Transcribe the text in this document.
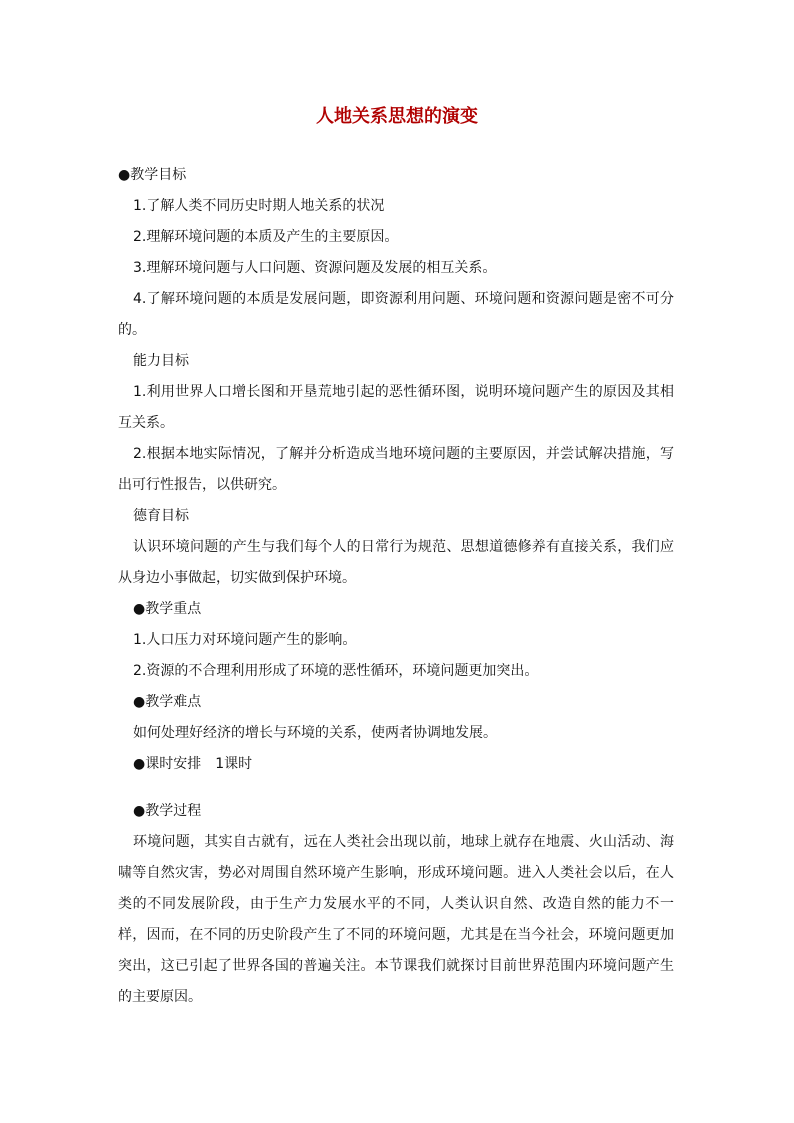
人地关系思想的演变
●教学目标
1.了解人类不同历史时期人地关系的状况
2.理解环境问题的本质及产生的主要原因。
3.理解环境问题与人口问题、资源问题及发展的相互关系。
4.了解环境问题的本质是发展问题，即资源利用问题、环境问题和资源问题是密不可分的。
能力目标
1.利用世界人口增长图和开垦荒地引起的恶性循环图，说明环境问题产生的原因及其相互关系。
2.根据本地实际情况，了解并分析造成当地环境问题的主要原因，并尝试解决措施，写出可行性报告，以供研究。
德育目标
认识环境问题的产生与我们每个人的日常行为规范、思想道德修养有直接关系，我们应从身边小事做起，切实做到保护环境。
●教学重点
1.人口压力对环境问题产生的影响。
2.资源的不合理利用形成了环境的恶性循环，环境问题更加突出。
●教学难点
如何处理好经济的增长与环境的关系，使两者协调地发展。
●课时安排　1课时
●教学过程
环境问题，其实自古就有，远在人类社会出现以前，地球上就存在地震、火山活动、海啸等自然灾害，势必对周围自然环境产生影响，形成环境问题。进入人类社会以后，在人类的不同发展阶段，由于生产力发展水平的不同，人类认识自然、改造自然的能力不一样，因而，在不同的历史阶段产生了不同的环境问题，尤其是在当今社会，环境问题更加突出，这已引起了世界各国的普遍关注。本节课我们就探讨目前世界范围内环境问题产生的主要原因。
